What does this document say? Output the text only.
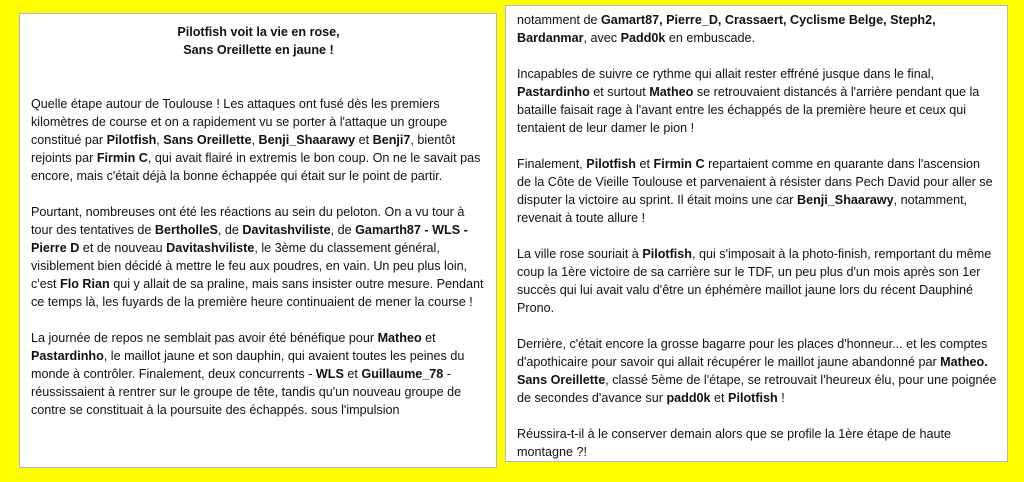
Pilotfish voit la vie en rose,
Sans Oreillette en jaune !

Quelle étape autour de Toulouse ! Les attaques ont fusé dès les premiers kilomètres de course et on a rapidement vu se porter à l'attaque un groupe constitué par Pilotfish, Sans Oreillette, Benji_Shaarawy et Benji7, bientôt rejoints par Firmin C, qui avait flairé in extremis le bon coup. On ne le savait pas encore, mais c'était déjà la bonne échappée qui était sur le point de partir.

Pourtant, nombreuses ont été les réactions au sein du peloton. On a vu tour à tour des tentatives de BertholleS, de Davitashviliste, de Gamarth87 - WLS - Pierre D et de nouveau Davitashviliste, le 3ème du classement général, visiblement bien décidé à mettre le feu aux poudres, en vain. Un peu plus loin, c'est Flo Rian qui y allait de sa praline, mais sans insister outre mesure. Pendant ce temps là, les fuyards de la première heure continuaient de mener la course !

La journée de repos ne semblait pas avoir été bénéfique pour Matheo et Pastardinho, le maillot jaune et son dauphin, qui avaient toutes les peines du monde à contrôler. Finalement, deux concurrents - WLS et Guillaume_78 - réussissaient à rentrer sur le groupe de tête, tandis qu'un nouveau groupe de contre se constituait à la poursuite des échappés. sous l'impulsion

notamment de Gamart87, Pierre_D, Crassaert, Cyclisme Belge, Steph2, Bardanmar, avec Padd0k en embuscade.

Incapables de suivre ce rythme qui allait rester effréné jusque dans le final, Pastardinho et surtout Matheo se retrouvaient distancés à l'arrière pendant que la bataille faisait rage à l'avant entre les échappés de la première heure et ceux qui tentaient de leur damer le pion !

Finalement, Pilotfish et Firmin C repartaient comme en quarante dans l'ascension de la Côte de Vieille Toulouse et parvenaient à résister dans Pech David pour aller se disputer la victoire au sprint. Il était moins une car Benji_Shaarawy, notamment, revenait à toute allure !

La ville rose souriait à Pilotfish, qui s'imposait à la photo-finish, remportant du même coup la 1ère victoire de sa carrière sur le TDF, un peu plus d'un mois après son 1er succès qui lui avait valu d'être un éphémère maillot jaune lors du récent Dauphiné Prono.

Derrière, c'était encore la grosse bagarre pour les places d'honneur... et les comptes d'apothicaire pour savoir qui allait récupérer le maillot jaune abandonné par Matheo. Sans Oreillette, classé 5ème de l'étape, se retrouvait l'heureux élu, pour une poignée de secondes d'avance sur padd0k et Pilotfish !

Réussira-t-il à le conserver demain alors que se profile la 1ère étape de haute montagne ?!
